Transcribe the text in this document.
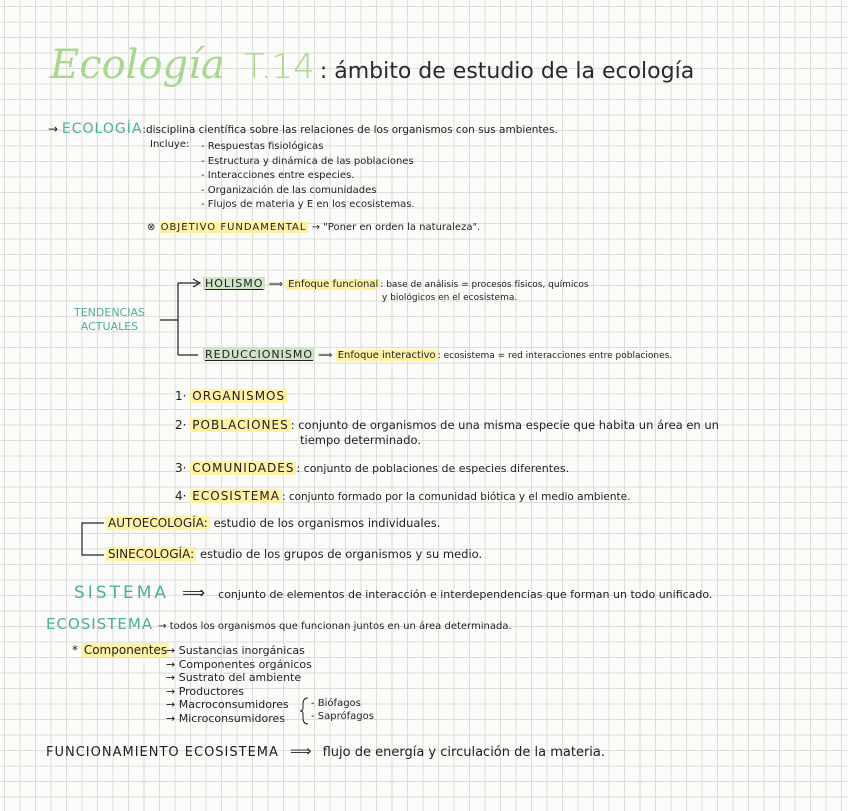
Ecología T.14 : ámbito de estudio de la ecología
→ ECOLOGÍA:disciplina científica sobre las relaciones de los organismos con sus ambientes.
Incluye: - Respuestas fisiológicas
- Estructura y dinámica de las poblaciones
- Interacciones entre especies.
- Organización de las comunidades
- Flujos de materia y E en los ecosistemas.
⊗ OBJETIVO FUNDAMENTAL → "Poner en orden la naturaleza".
TENDENCIAS
ACTUALES
HOLISMO ⟹ Enfoque funcional : base de análisis = procesos físicos, químicos
y biológicos en el ecosistema.
REDUCCIONISMO ⟹ Enfoque interactivo : ecosistema = red interacciones entre poblaciones.
1· ORGANISMOS
2· POBLACIONES : conjunto de organismos de una misma especie que habita un área en un
tiempo determinado.
3· COMUNIDADES : conjunto de poblaciones de especies diferentes.
4· ECOSISTEMA : conjunto formado por la comunidad biótica y el medio ambiente.
AUTOECOLOGÍA: estudio de los organismos individuales.
SINECOLOGÍA: estudio de los grupos de organismos y su medio.
SISTEMA ⟹ conjunto de elementos de interacción e interdependencias que forman un todo unificado.
ECOSISTEMA → todos los organismos que funcionan juntos en un área determinada.
* Componentes
→ Sustancias inorgánicas
→ Componentes orgánicos
→ Sustrato del ambiente
→ Productores
→ Macroconsumidores
→ Microconsumidores
- Biófagos
- Saprófagos
FUNCIONAMIENTO ECOSISTEMA ⟹ flujo de energía y circulación de la materia.
